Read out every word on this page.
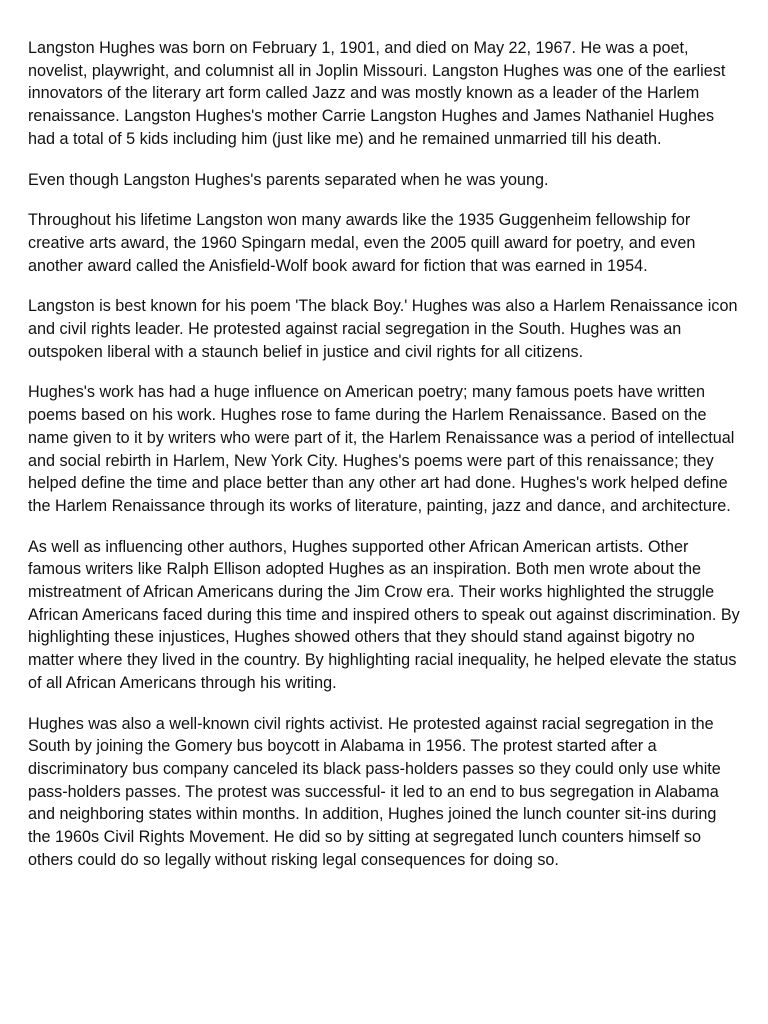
Langston Hughes was born on February 1, 1901, and died on May 22, 1967. He was a poet, novelist, playwright, and columnist all in Joplin Missouri. Langston Hughes was one of the earliest innovators of the literary art form called Jazz and was mostly known as a leader of the Harlem renaissance. Langston Hughes's mother Carrie Langston Hughes and James Nathaniel Hughes had a total of 5 kids including him (just like me) and he remained unmarried till his death.

Even though Langston Hughes's parents separated when he was young.

Throughout his lifetime Langston won many awards like the 1935 Guggenheim fellowship for creative arts award, the 1960 Spingarn medal, even the 2005 quill award for poetry, and even another award called the Anisfield-Wolf book award for fiction that was earned in 1954.

Langston is best known for his poem 'The black Boy.' Hughes was also a Harlem Renaissance icon and civil rights leader. He protested against racial segregation in the South. Hughes was an outspoken liberal with a staunch belief in justice and civil rights for all citizens.

Hughes's work has had a huge influence on American poetry; many famous poets have written poems based on his work. Hughes rose to fame during the Harlem Renaissance. Based on the name given to it by writers who were part of it, the Harlem Renaissance was a period of intellectual and social rebirth in Harlem, New York City. Hughes's poems were part of this renaissance; they helped define the time and place better than any other art had done. Hughes's work helped define the Harlem Renaissance through its works of literature, painting, jazz and dance, and architecture.

As well as influencing other authors, Hughes supported other African American artists. Other famous writers like Ralph Ellison adopted Hughes as an inspiration. Both men wrote about the mistreatment of African Americans during the Jim Crow era. Their works highlighted the struggle African Americans faced during this time and inspired others to speak out against discrimination. By highlighting these injustices, Hughes showed others that they should stand against bigotry no matter where they lived in the country. By highlighting racial inequality, he helped elevate the status of all African Americans through his writing.

Hughes was also a well-known civil rights activist. He protested against racial segregation in the South by joining the Gomery bus boycott in Alabama in 1956. The protest started after a discriminatory bus company canceled its black pass-holders passes so they could only use white pass-holders passes. The protest was successful- it led to an end to bus segregation in Alabama and neighboring states within months. In addition, Hughes joined the lunch counter sit-ins during the 1960s Civil Rights Movement. He did so by sitting at segregated lunch counters himself so others could do so legally without risking legal consequences for doing so.
